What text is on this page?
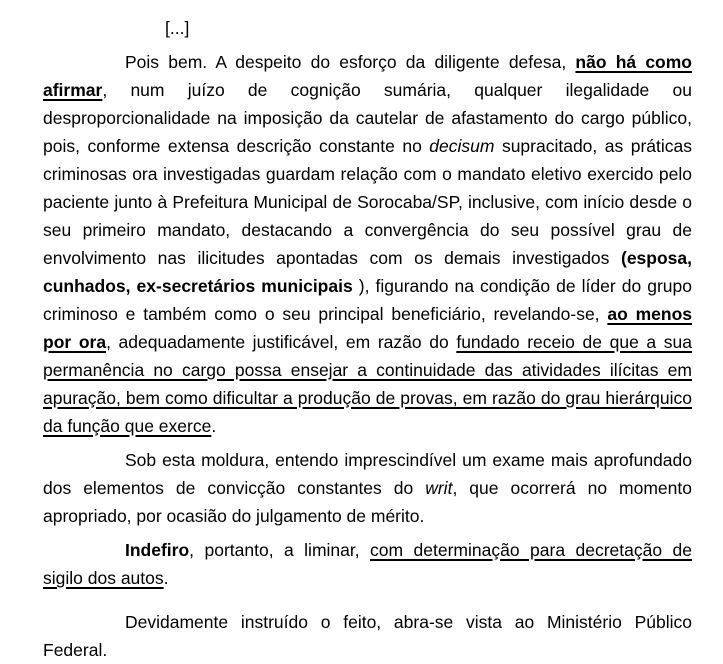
[...]

Pois bem. A despeito do esforço da diligente defesa, não há como afirmar, num juízo de cognição sumária, qualquer ilegalidade ou desproporcionalidade na imposição da cautelar de afastamento do cargo público, pois, conforme extensa descrição constante no decisum supracitado, as práticas criminosas ora investigadas guardam relação com o mandato eletivo exercido pelo paciente junto à Prefeitura Municipal de Sorocaba/SP, inclusive, com início desde o seu primeiro mandato, destacando a convergência do seu possível grau de envolvimento nas ilicitudes apontadas com os demais investigados (esposa, cunhados, ex-secretários municipais ), figurando na condição de líder do grupo criminoso e também como o seu principal beneficiário, revelando-se, ao menos por ora, adequadamente justificável, em razão do fundado receio de que a sua permanência no cargo possa ensejar a continuidade das atividades ilícitas em apuração, bem como dificultar a produção de provas, em razão do grau hierárquico da função que exerce.

Sob esta moldura, entendo imprescindível um exame mais aprofundado dos elementos de convicção constantes do writ, que ocorrerá no momento apropriado, por ocasião do julgamento de mérito.

Indefiro, portanto, a liminar, com determinação para decretação de sigilo dos autos.

Devidamente instruído o feito, abra-se vista ao Ministério Público Federal.
